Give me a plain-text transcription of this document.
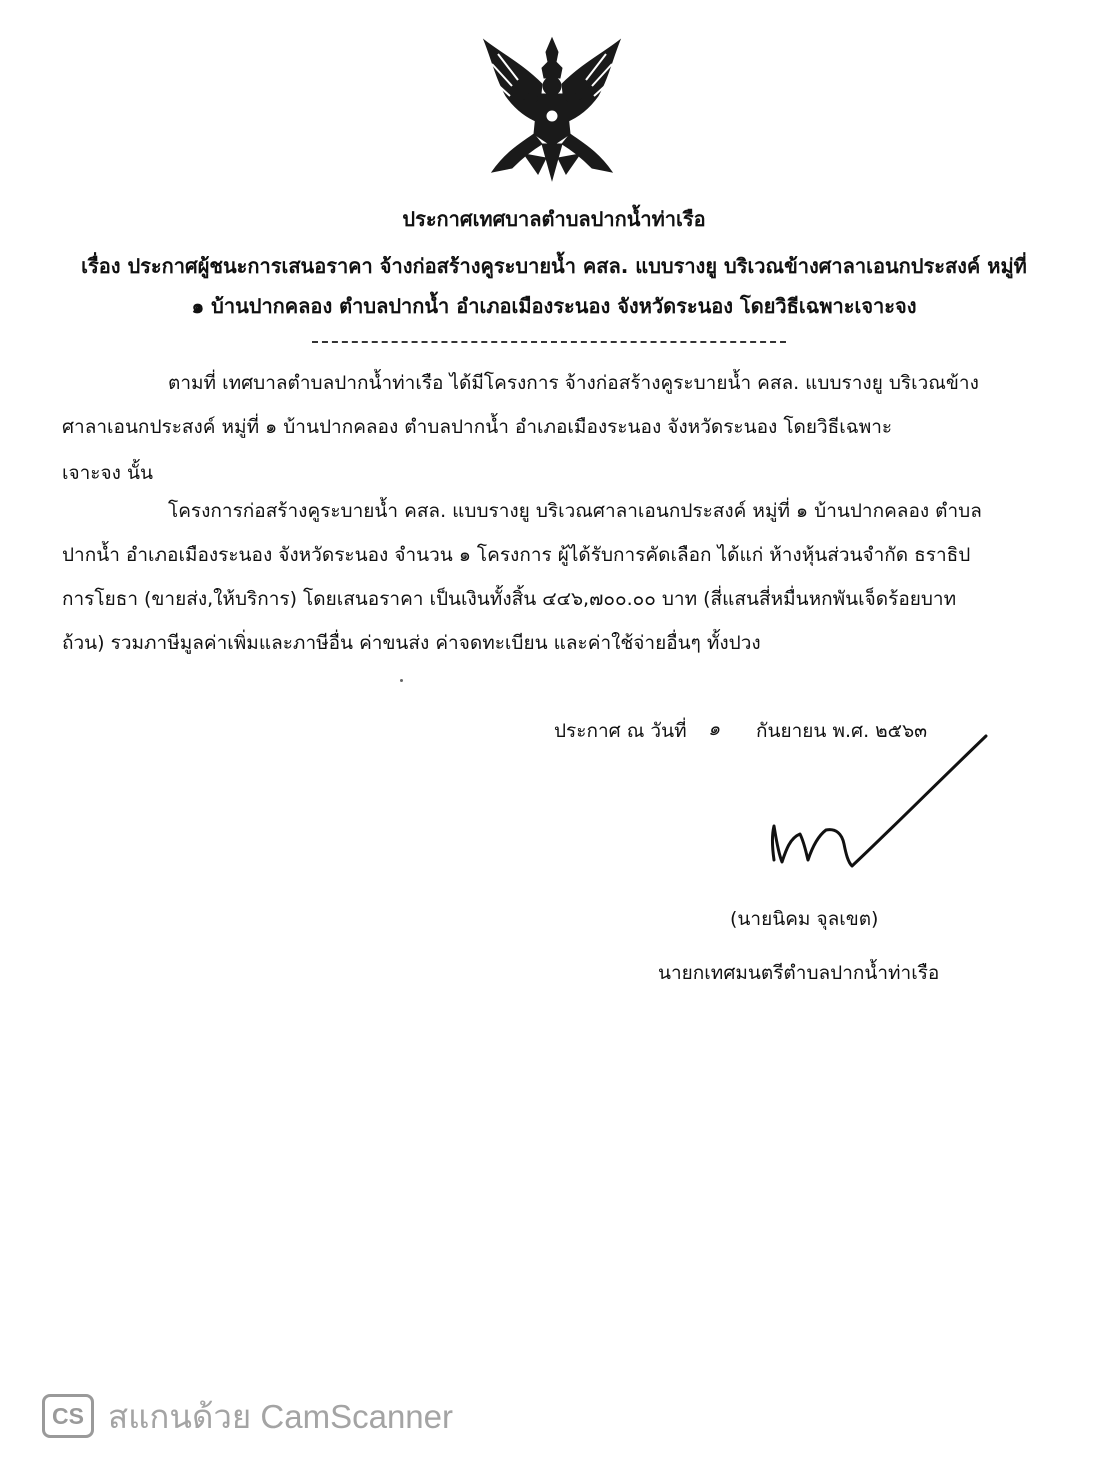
ประกาศเทศบาลตำบลปากน้ำท่าเรือ
เรื่อง ประกาศผู้ชนะการเสนอราคา จ้างก่อสร้างคูระบายน้ำ คสล. แบบรางยู บริเวณข้างศาลาเอนกประสงค์ หมู่ที่
๑ บ้านปากคลอง ตำบลปากน้ำ อำเภอเมืองระนอง จังหวัดระนอง โดยวิธีเฉพาะเจาะจง
ตามที่ เทศบาลตำบลปากน้ำท่าเรือ ได้มีโครงการ จ้างก่อสร้างคูระบายน้ำ คสล. แบบรางยู บริเวณข้าง
ศาลาเอนกประสงค์ หมู่ที่ ๑ บ้านปากคลอง ตำบลปากน้ำ อำเภอเมืองระนอง จังหวัดระนอง โดยวิธีเฉพาะ
เจาะจง นั้น
โครงการก่อสร้างคูระบายน้ำ คสล. แบบรางยู บริเวณศาลาเอนกประสงค์ หมู่ที่ ๑ บ้านปากคลอง ตำบล
ปากน้ำ อำเภอเมืองระนอง จังหวัดระนอง จำนวน ๑ โครงการ ผู้ได้รับการคัดเลือก ได้แก่ ห้างหุ้นส่วนจำกัด ธราธิป
การโยธา (ขายส่ง,ให้บริการ) โดยเสนอราคา เป็นเงินทั้งสิ้น ๔๔๖,๗๐๐.๐๐ บาท (สี่แสนสี่หมื่นหกพันเจ็ดร้อยบาท
ถ้วน) รวมภาษีมูลค่าเพิ่มและภาษีอื่น ค่าขนส่ง ค่าจดทะเบียน และค่าใช้จ่ายอื่นๆ ทั้งปวง
ประกาศ ณ วันที่ ๑ กันยายน พ.ศ. ๒๕๖๓
(นายนิคม จุลเขต)
นายกเทศมนตรีตำบลปากน้ำท่าเรือ
CS สแกนด้วย CamScanner
